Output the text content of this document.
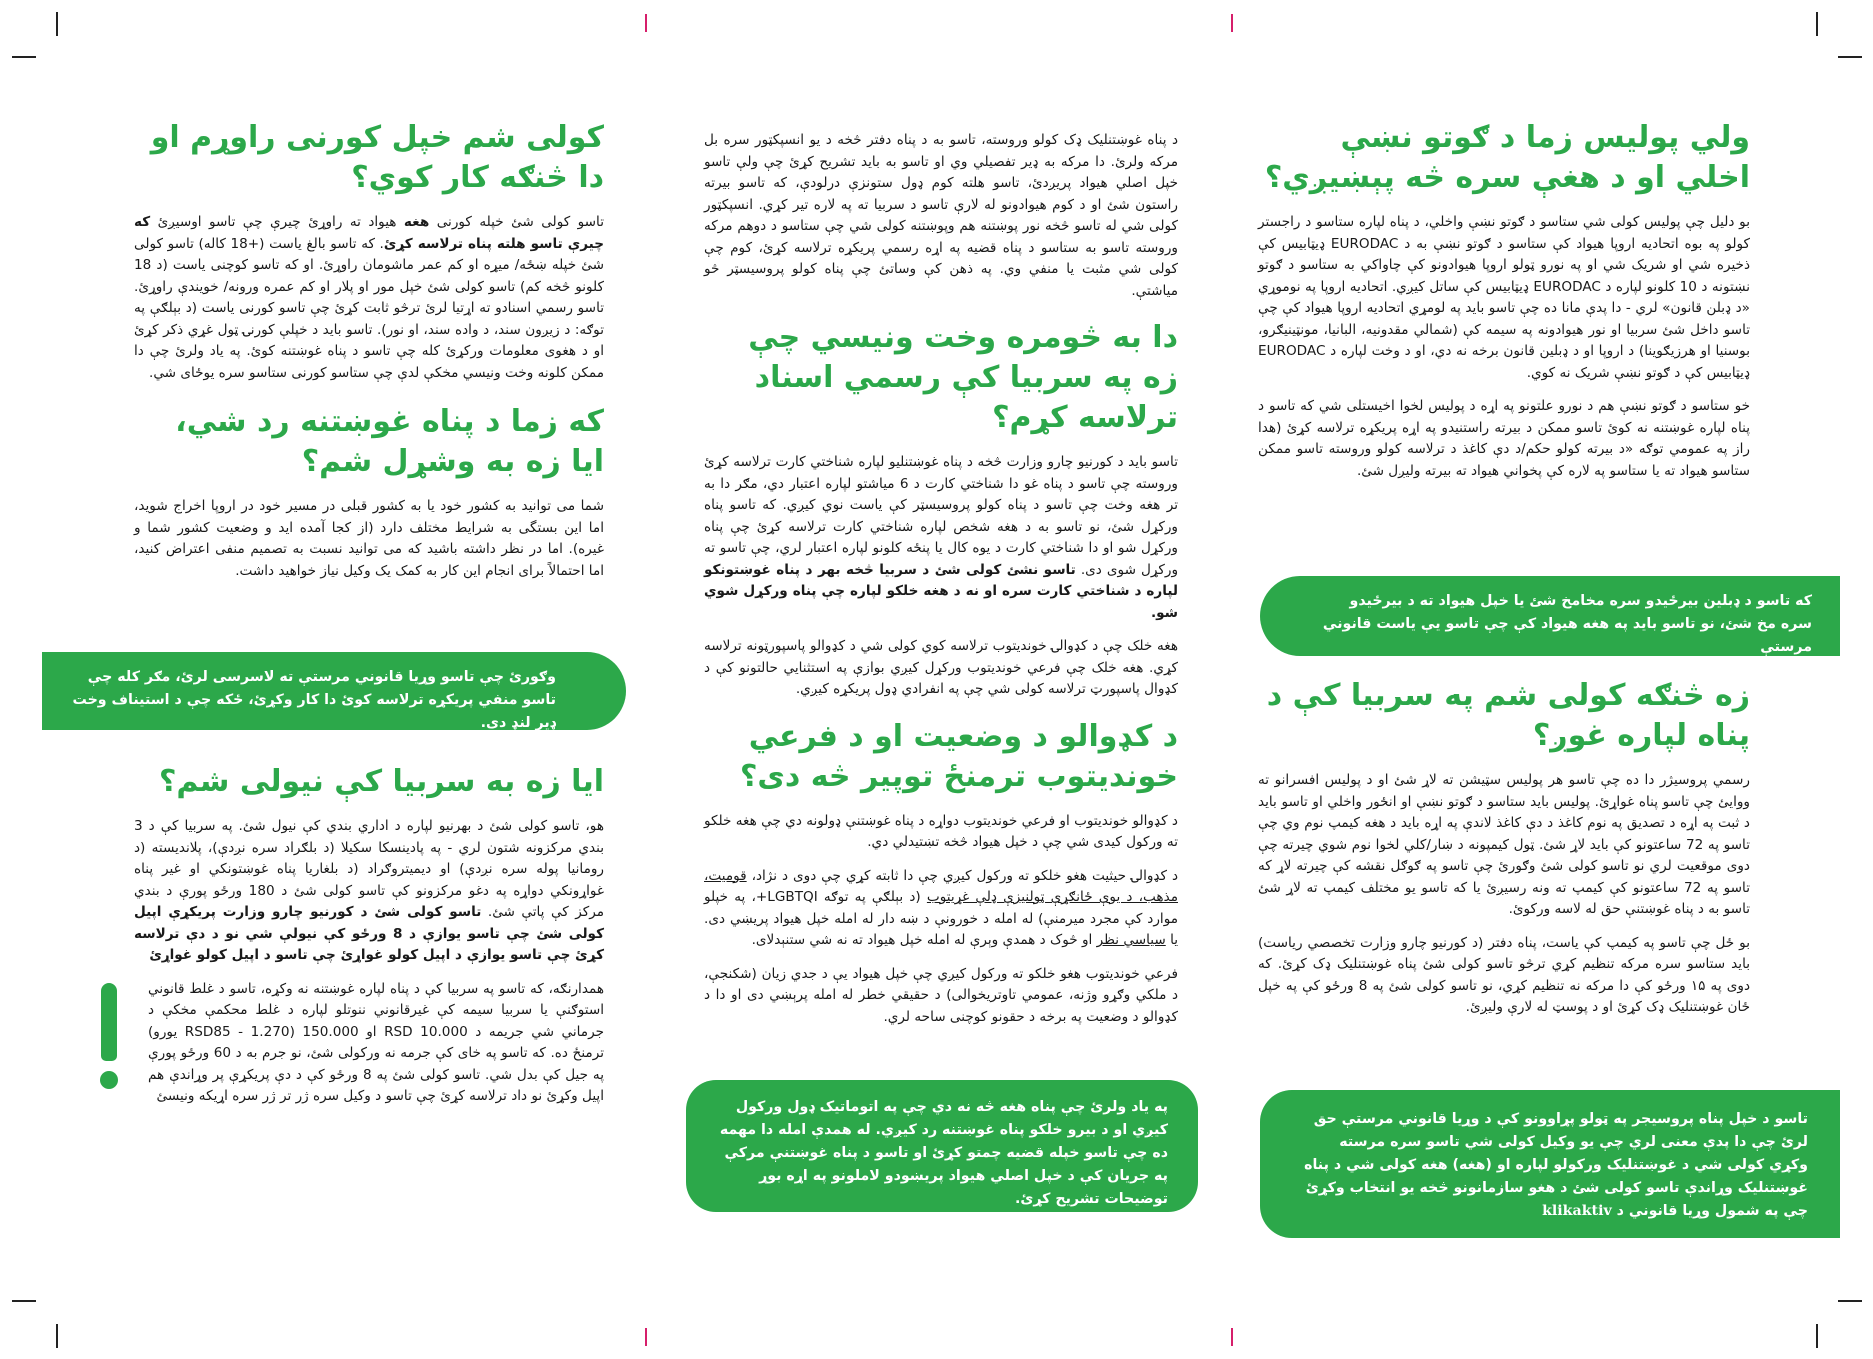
ولي پوليس زما د ګوتو نښې اخلي او د هغې سره څه پېښيږي؟

بو دلیل چې پولیس کولی شي ستاسو د ګوتو نښې واخلي، د پناه لپاره ستاسو د راجستر کولو په بوه اتحادیه اروپا هیواد کې ستاسو د ګوتو نښې به د EURODAC ډیټابیس کې ذخیره شي او شریک شي او په نورو ټولو اروپا هیوادونو کې چاواکي به ستاسو د ګوتو نښتونه د 10 کلونو لپاره د EURODAC ډیټابیس کې ساتل کیږي. اتحادیه اروپا په نوموړي «د ډبلن قانون» لري - دا پدې مانا ده چې تاسو باید په لومړي اتحادیه اروپا هیواد کې چې تاسو داخل شئ سربیا او نور هیوادونه په سیمه کې (شمالي مقدونیه، البانیا، مونټینیګرو، بوسنیا او هرزیګوینا) د اروپا او د ډبلین قانون برخه نه دي، او د وخت لپاره د EURODAC ډیټابیس کې د ګوتو نښې شریک نه کوي.

خو ستاسو د ګوتو نښې هم د نورو علتونو په اړه د پولیس لخوا اخیستلی شي که تاسو د پناه لپاره غوښتنه نه کوئ تاسو ممکن د بیرته راستنیدو په اړه پریکړه ترلاسه کړئ (هدا راز په عمومي توګه «د بیرته کولو حکم/د دې کاغذ د ترلاسه کولو وروسته تاسو ممکن ستاسو هیواد ته یا ستاسو په لاره کې پخواني هیواد ته بیرته ولیږل شئ.

که تاسو د ډبلین بیرځیدو سره مخامخ شئ یا خپل هیواد ته د بیرځیدو سره مخ شئ، نو تاسو باید په هغه هیواد کې چې تاسو یې یاست قانوني مرستې

زه څنګه کولی شم په سربیا کې د پناه لپاره غوږ؟

رسمي پروسیژر دا ده چې تاسو هر پولیس سټیشن ته لاړ شئ او د پولیس افسرانو ته ووایئ چې تاسو پناه غواړئ. پولیس باید ستاسو د ګوتو نښې او انځور واخلي او تاسو باید د ثبت په اړه د تصدیق په نوم کاغذ د دې کاغذ لاندې په اړه باید د هغه کیمپ نوم وي چې تاسو په 72 ساعتونو کې باید لاړ شئ. ټول کیمپونه د ښار/کلي لخوا نوم شوي چیرته چې دوی موقعیت لري نو تاسو کولی شئ وګورئ چې تاسو په ګوګل نقشه کې چیرته لاړ که تاسو په 72 ساعتونو کې کیمپ ته ونه رسیږئ یا که تاسو یو مختلف کیمپ ته لاړ شئ تاسو به د پناه غوښتنې حق له لاسه ورکوئ.

بو ځل چې تاسو په کیمپ کې یاست، پناه دفتر (د کورنیو چارو وزارت تخصصي ریاست) باید ستاسو سره مرکه تنظیم کړي ترڅو تاسو کولی شئ پناه غوښتنلیک ډک کړئ. که دوی په ۱۵ ورځو کې دا مرکه نه تنظیم کړي، نو تاسو کولی شئ په 8 ورځو کې په خپل ځان غوښتنلیک ډک کړئ او د پوسټ له لارې ولیږئ.

تاسو د خپل پناه پروسیجر په ټولو پړاوونو کې د وړیا قانوني مرستې حق لرئ چې دا پدې معنی لري چې یو وکیل کولی شي تاسو سره مرسته وکړي کولی شي د غوښتنلیک ورکولو لپاره او (هغه) هغه کولی شي د پناه غوښتنلیک وړاندې تاسو کولی شئ د هغو سازمانونو څخه یو انتخاب وکړئ چې په شمول وړیا قانوني د klikaktiv

د پناه غوښتنلیک ډک کولو وروسته، تاسو به د پناه دفتر څخه د یو انسپکټور سره بل مرکه ولرئ. دا مرکه به ډیر تفصیلي وي او تاسو به باید تشریح کړئ چې ولې تاسو خپل اصلي هیواد پریږدئ، تاسو هلته کوم ډول ستونزې درلودې، که تاسو بیرته راستون شئ او د کوم هیوادونو له لارې تاسو د سربیا ته په لاره تیر کړي. انسپکټور کولی شي له تاسو څخه نور پوښتنه هم وپوښتنه کولی شي چې ستاسو د دوهم مرکه وروسته تاسو به ستاسو د پناه قضیه په اړه رسمي پریکړه ترلاسه کړئ، کوم چې کولی شي مثبت یا منفي وي. په ذهن کې وساتئ چې پناه کولو پروسیسټر څو میاشتې.

دا به څومره وخت ونیسي چې زه په سربیا کې رسمي اسناد ترلاسه کړم؟

تاسو باید د کورنیو چارو وزارت څخه د پناه غوښتنلیو لپاره شناختي کارت ترلاسه کړئ وروسته چې تاسو د پناه غو دا شناختي کارت د 6 میاشتو لپاره اعتبار دي، مګر دا به تر هغه وخت چې تاسو د پناه کولو پروسیسټر کې یاست نوي کیږي. که تاسو پناه ورکړل شئ، نو تاسو به د هغه شخص لپاره شناختي کارت ترلاسه کړئ چې پناه ورکړل شو او دا شناختي کارت د یوه کال یا پنځه کلونو لپاره اعتبار لري، چې تاسو ته ورکړل شوی دی. تاسو نشئ کولی شئ د سربیا څخه بهر د پناه غوښتونکو لپاره د شناختي کارت سره او نه د هغه خلکو لپاره چې پناه ورکړل شوي شو.

هغه خلک چې د کډوالۍ خوندیتوب ترلاسه کوي کولی شي د کډوالو پاسپورټونه ترلاسه کړي. هغه خلک چې فرعي خوندیتوب ورکړل کیږي بوازې په استثنایي حالتونو کې د کډوال پاسپورټ ترلاسه کولی شي چې په انفرادي ډول پریکړه کیږي.

د کډوالو د وضعیت او د فرعي خوندیتوب ترمنځ توپیر څه دی؟

د کډوالو خوندیتوب او فرعي خوندیتوب دواړه د پناه غوښتنې ډولونه دي چې هغه خلکو ته ورکول کیدی شي چې د خپل هیواد څخه تښتیدلي دي.

د کډوالۍ حیثیت هغو خلکو ته ورکول کیږي چې دا ثابته کړي چې دوی د نژاد، قومیت، مذهب، د یوې ځانګړې ټولنیزې ډلې غړیتوب (د بېلګې په توګه LGBTQI+، په خپلو موارد کې مجرد میرمنې) له امله د خورونې د ښه دار له امله خپل هیواد پریښي دی. یا سیاسي نظر او څوک د همدې وېرې له امله خپل هیواد ته نه شي ستنېدلای.

فرعي خوندیتوب هغو خلکو ته ورکول کیږي چې خپل هیواد یې د جدي زیان (شکنجې، د ملکي وګړو وژنه، عمومي تاوتریخوالی) د حقیقي خطر له امله پرېښي دی او دا د کډوالو د وضعیت په برخه د حقونو کوچنی ساحه لري.

په یاد ولرئ چې پناه هغه څه نه دي چې په اتوماتیک ډول ورکول کیږي او د بیرو خلکو پناه غوښتنه رد کیږي. له همدې امله دا مهمه ده چې تاسو خپله قضیه چمتو کړئ او تاسو د پناه غوښتنې مرکې په جریان کې د خپل اصلي هیواد پریښودو لاملونو په اړه بوړ توضیحات تشریح کړئ.

کولی شم خپل کورنی راوړم او دا څنګه کار کوي؟

تاسو کولی شئ خپله کورنی هغه هیواد ته راوړئ چیرې چې تاسو اوسیږئ که چیرې تاسو هلته پناه ترلاسه کړئ. که تاسو بالغ یاست (+18 کاله) تاسو کولی شئ خپله ښځه/ میړه او کم عمر ماشومان راوړئ. او که تاسو کوچنی یاست (د 18 کلونو څخه کم) تاسو کولی شئ خپل مور او پلار او کم عمره ورونه/ خویندې راوړئ. تاسو رسمي اسنادو ته اړتیا لرئ ترڅو ثابت کړئ چې تاسو کورنی یاست (د بېلګې په توګه: د زیږون سند، د واده سند، او نور). تاسو باید د خپلې کورنۍ ټول غړي ذکر کړئ او د هغوی معلومات ورکړئ کله چې تاسو د پناه غوښتنه کوئ. په یاد ولرئ چې دا ممکن کلونه وخت ونیسي مخکې لدې چې ستاسو کورنی ستاسو سره یوځای شي.

که زما د پناه غوښتنه رد شي، ایا زه به وشړل شم؟

شما می توانید به کشور خود یا به کشور قبلی در مسیر خود در اروپا اخراج شوید، اما این بستگی به شرایط مختلف دارد (از کجا آمده اید و وضعیت کشور شما و غیره). اما در نظر داشته باشید که می توانید نسبت به تصمیم منفی اعتراض کنید، اما احتمالاً برای انجام این کار به کمک یک وکیل نیاز خواهید داشت.

وګورئ چې تاسو وړیا قانوني مرستې ته لاسرسی لرئ، مګر کله چې تاسو منفي پریکړه ترلاسه کوئ دا کار وکړئ، ځکه چې د استیناف وخت ډیر لنډ دی.

ایا زه به سربیا کې نیولی شم؟

هو، تاسو کولی شئ د بهرنیو لپاره د اداري بندي کې نیول شئ. په سربیا کې د 3 بندي مرکزونه شتون لري - په پادینسکا سکیلا (د بلګراد سره نږدې)، پلاندیسته (د رومانیا پوله سره نږدې) او دیمیتروګراد (د بلغاریا پناه غوښتونکي او غیر پناه غواړونکي دواړه په دغو مرکزونو کې تاسو کولی شئ د 180 ورځو پورې د بندي مرکز کې پاتې شئ. تاسو کولی شئ د کورنیو چارو وزارت پریکړې اپیل کولی شئ چې تاسو یوازې د 8 ورځو کې نیولې شي نو د دې ترلاسه کړئ چې تاسو یوازې د اپیل کولو غواړئ چې تاسو د اپیل کولو غواړئ

همدارنګه، که تاسو په سربیا کې د پناه لپاره غوښتنه نه وکړه، تاسو د غلط قانوني استوګنې یا سربیا سیمه کې غیرقانوني ننوتلو لپاره د غلط محکمې مخکې د جرماني شي جریمه د RSD 10.000 او 150.000 (RSD85 - 1.270 یورو) ترمنځ ده. که تاسو په خای کې جرمه نه ورکولی شئ، نو جرم به د 60 ورځو پورې په جیل کې بدل شي. تاسو کولی شئ په 8 ورځو کې د دې پریکړې پر وړاندې هم اپیل وکړئ نو داد ترلاسه کړئ چې تاسو د وکیل سره ژر تر ژر سره اړیکه ونیسئ
